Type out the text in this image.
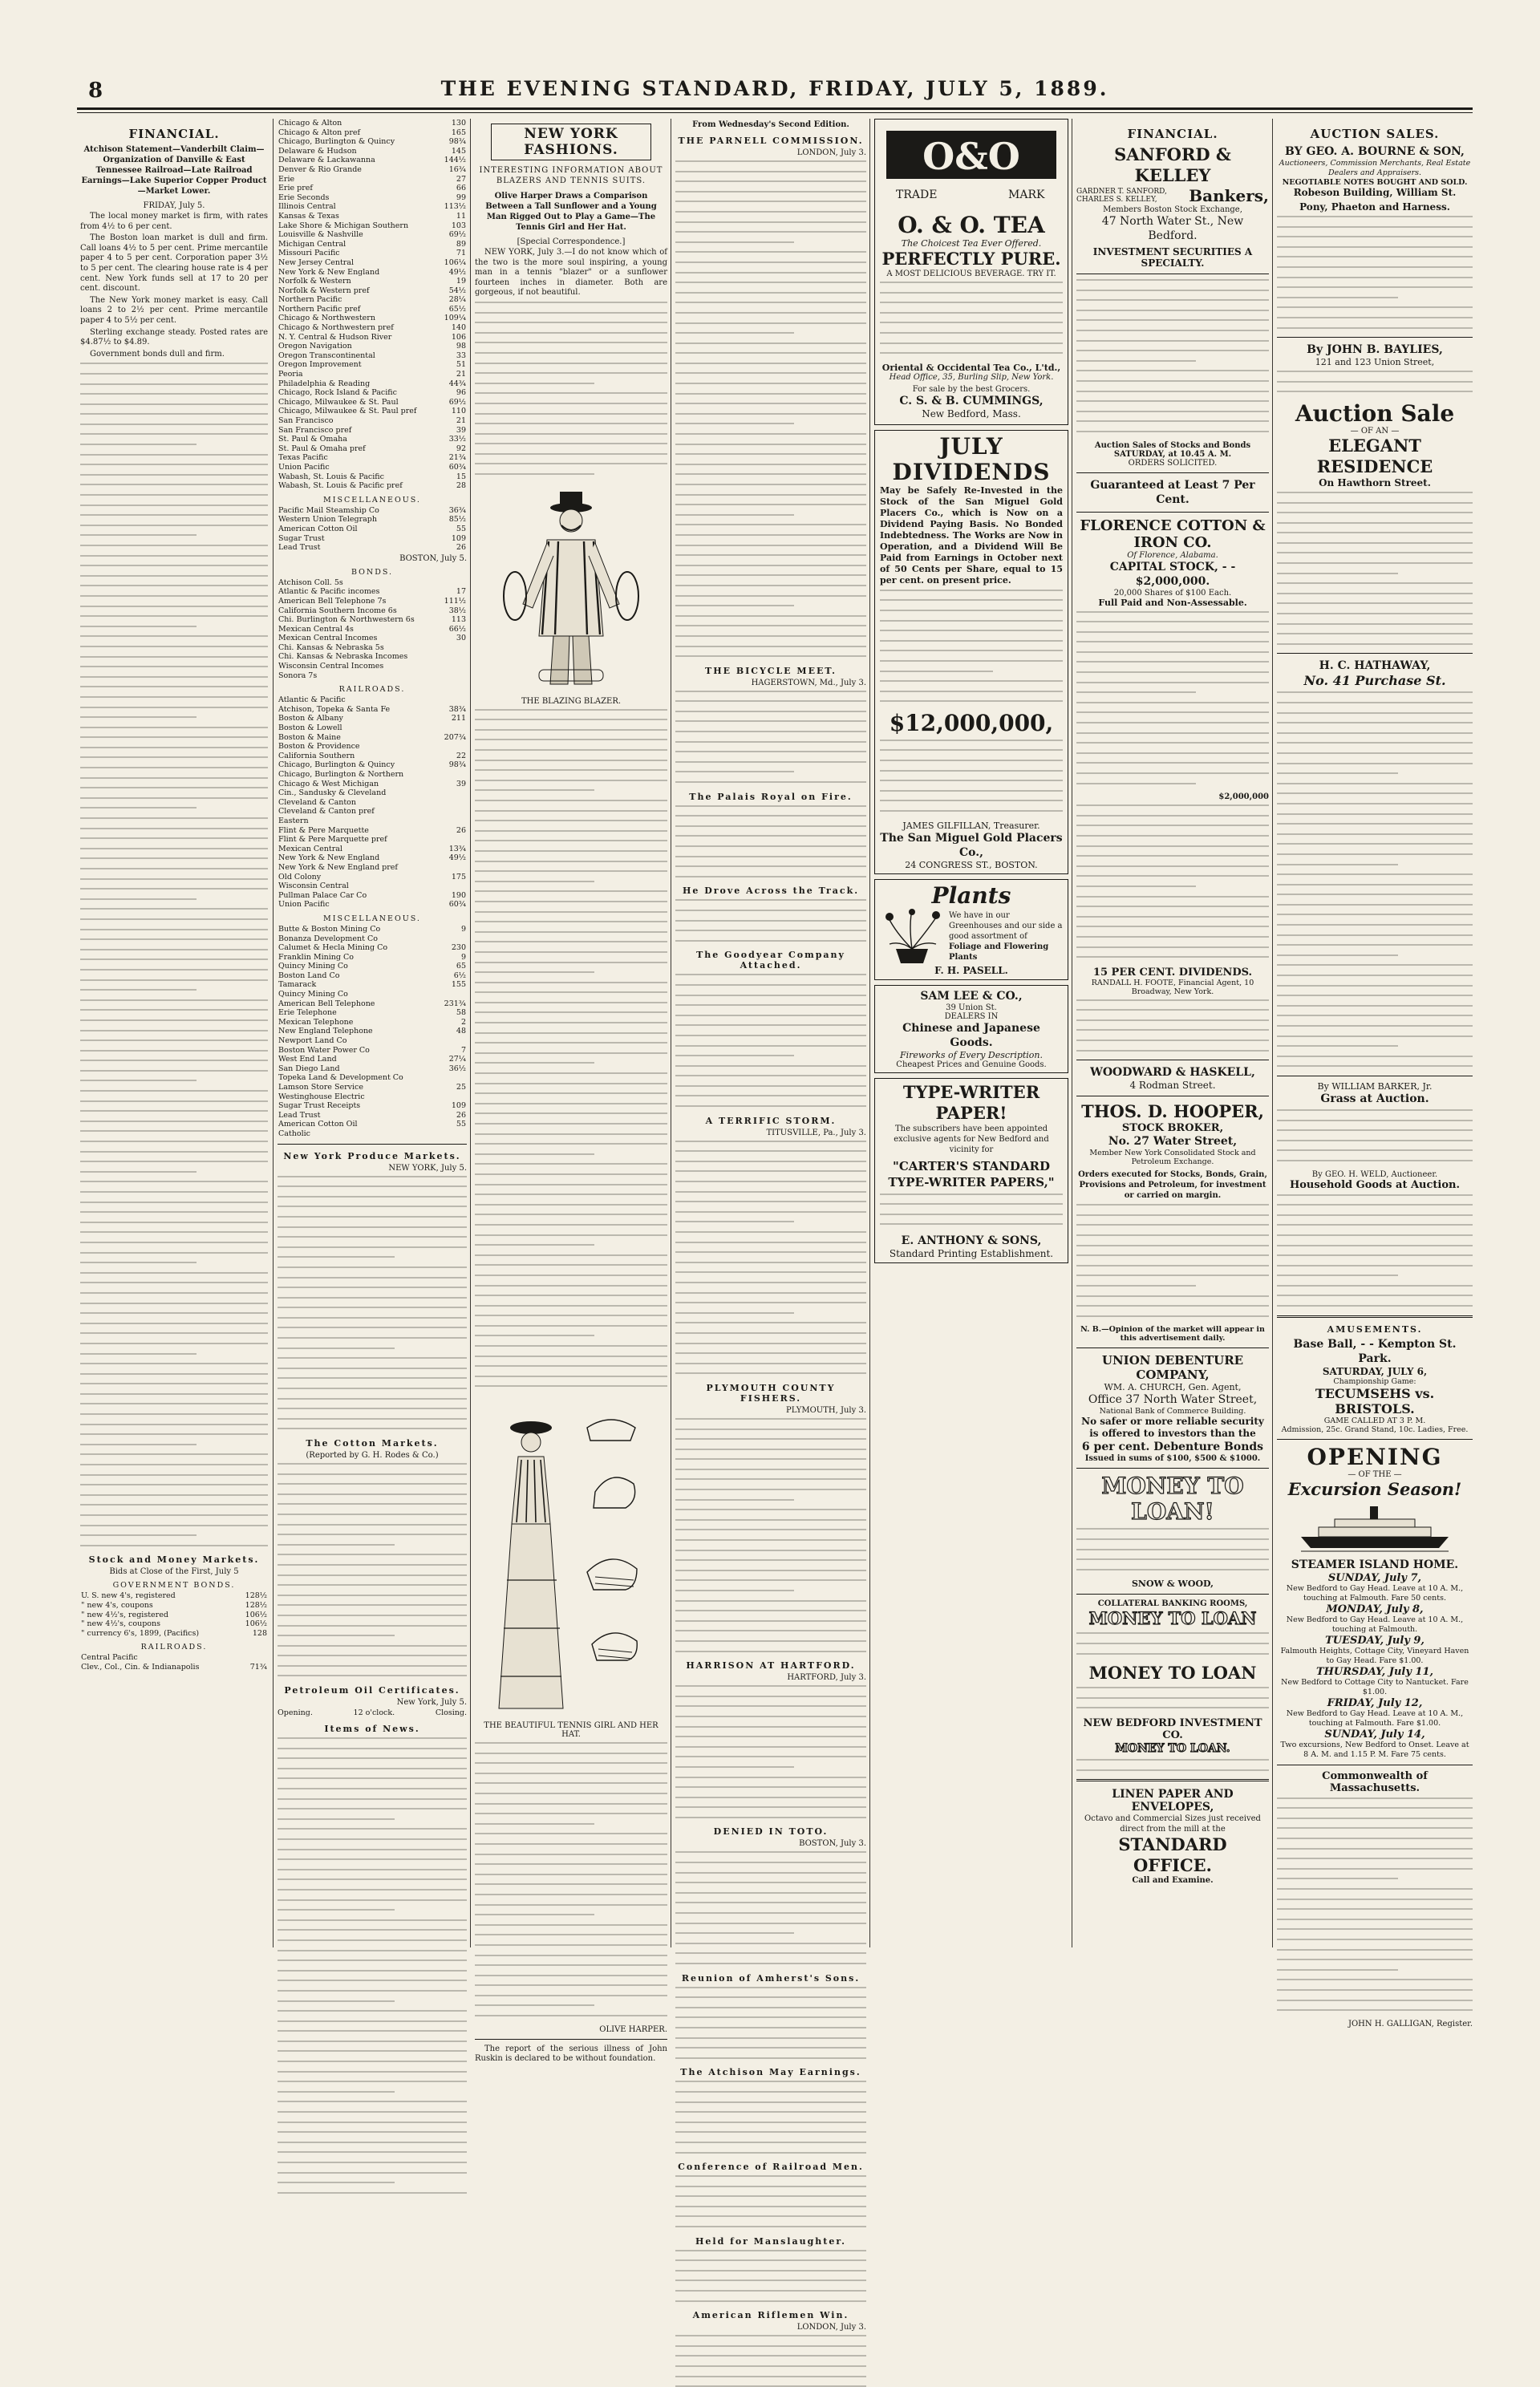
8	THE EVENING STANDARD, FRIDAY, JULY 5, 1889.
FINANCIAL.
Atchison Statement—Vanderbilt Claim—Organization of Danville & East Tennessee Railroad—Late Railroad Earnings—Lake Superior Copper Product—Market Lower.
FRIDAY, July 5.

The local money market is firm, with rates from 4½ to 6 per cent.

The Boston loan market is dull and firm. Call loans 4½ to 5 per cent. Prime mercantile paper 4 to 5 per cent. Corporation paper 3½ to 5 per cent. The clearing house rate is 4 per cent. New York funds sell at 17 to 20 per cent. discount.

The New York money market is easy. Call loans 2 to 2½ per cent. Prime mercantile paper 4 to 5½ per cent.

Sterling exchange steady. Posted rates are $4.87½ to $4.89.

Government bonds dull and firm.

Stock and Money Markets.
Bids at Close of the First, July 5
GOVERNMENT BONDS.
U. S. new 4's, registered	128½
" new 4's, coupons	128½
" new 4½'s, registered	106½
" new 4½'s, coupons	106½
" currency 6's, 1899, (Pacifics)	128
RAILROADS.
Central Pacific	
Clev., Col., Cin. & Indianapolis	71¾
Chicago & Alton	130
Chicago & Alton pref	165
Chicago, Burlington & Quincy	98¾
Delaware & Hudson	145
Delaware & Lackawanna	144½
Denver & Rio Grande	16¾
Erie	27
Erie pref	66
Erie Seconds	99
Illinois Central	113½
Kansas & Texas	11
Lake Shore & Michigan Southern	103
Louisville & Nashville	69½
Michigan Central	89
Missouri Pacific	71
New Jersey Central	106¼
New York & New England	49½
Norfolk & Western	19
Norfolk & Western pref	54½
Northern Pacific	28¼
Northern Pacific pref	65½
Chicago & Northwestern	109¼
Chicago & Northwestern pref	140
N. Y. Central & Hudson River	106
Oregon Navigation	98
Oregon Transcontinental	33
Oregon Improvement	51
Peoria	21
Philadelphia & Reading	44¾
Chicago, Rock Island & Pacific	96
Chicago, Milwaukee & St. Paul	69½
Chicago, Milwaukee & St. Paul pref	110
San Francisco	21
San Francisco pref	39
St. Paul & Omaha	33½
St. Paul & Omaha pref	92
Texas Pacific	21¾
Union Pacific	60¾
Wabash, St. Louis & Pacific	15
Wabash, St. Louis & Pacific pref	28
MISCELLANEOUS.
Pacific Mail Steamship Co	36¾
Western Union Telegraph	85½
American Cotton Oil	55
Sugar Trust	109
Lead Trust	26
BOSTON, July 5.
BONDS.
Atchison Coll. 5s	
Atlantic & Pacific incomes	17
American Bell Telephone 7s	111½
California Southern Income 6s	38½
Chi. Burlington & Northwestern 6s	113
Mexican Central 4s	66½
Mexican Central Incomes	30
Chi. Kansas & Nebraska 5s	
Chi. Kansas & Nebraska Incomes	
Wisconsin Central Incomes	
Sonora 7s	
RAILROADS.
Atlantic & Pacific	
Atchison, Topeka & Santa Fe	38¾
Boston & Albany	211
Boston & Lowell	
Boston & Maine	207¾
Boston & Providence	
California Southern	22
Chicago, Burlington & Quincy	98¾
Chicago, Burlington & Northern	
Chicago & West Michigan	39
Cin., Sandusky & Cleveland	
Cleveland & Canton	
Cleveland & Canton pref	
Eastern	
Flint & Pere Marquette	26
Flint & Pere Marquette pref	
Mexican Central	13¾
New York & New England	49½
New York & New England pref	
Old Colony	175
Wisconsin Central	
Pullman Palace Car Co	190
Union Pacific	60¾
MISCELLANEOUS.
Butte & Boston Mining Co	9
Bonanza Development Co	
Calumet & Hecla Mining Co	230
Franklin Mining Co	9
Quincy Mining Co	65
Boston Land Co	6½
Tamarack	155
Quincy Mining Co	
American Bell Telephone	231¾
Erie Telephone	58
Mexican Telephone	2
New England Telephone	48
Newport Land Co	
Boston Water Power Co	7
West End Land	27¼
San Diego Land	36½
Topeka Land & Development Co	
Lamson Store Service	25
Westinghouse Electric	
Sugar Trust Receipts	109
Lead Trust	26
American Cotton Oil	55
Catholic	
New York Produce Markets.
NEW YORK, July 5.
The Cotton Markets.
(Reported by G. H. Rodes & Co.)
Petroleum Oil Certificates.
New York, July 5.
Opening.	12 o'clock.	Closing.
Items of News.
NEW YORK FASHIONS.
INTERESTING INFORMATION ABOUT BLAZERS AND TENNIS SUITS.
Olive Harper Draws a Comparison Between a Tall Sunflower and a Young Man Rigged Out to Play a Game—The Tennis Girl and Her Hat.
[Special Correspondence.]

NEW YORK, July 3.—I do not know which of the two is the more soul inspiring, a young man in a tennis "blazer" or a sunflower fourteen inches in diameter. Both are gorgeous, if not beautiful.

THE BLAZING BLAZER.
THE BEAUTIFUL TENNIS GIRL AND HER HAT.
OLIVE HARPER.

The report of the serious illness of John Ruskin is declared to be without foundation.

From Wednesday's Second Edition.
THE PARNELL COMMISSION.
LONDON, July 3.
THE BICYCLE MEET.
HAGERSTOWN, Md., July 3.
The Palais Royal on Fire.
He Drove Across the Track.
The Goodyear Company Attached.
A TERRIFIC STORM.
TITUSVILLE, Pa., July 3.
PLYMOUTH COUNTY FISHERS.
PLYMOUTH, July 3.
HARRISON AT HARTFORD.
HARTFORD, July 3.
DENIED IN TOTO.
BOSTON, July 3.
Reunion of Amherst's Sons.
The Atchison May Earnings.
Conference of Railroad Men.
Held for Manslaughter.
American Riflemen Win.
LONDON, July 3.
O&O
TRADE	MARK
O. & O. TEA
The Choicest Tea Ever Offered.
PERFECTLY PURE.
A MOST DELICIOUS BEVERAGE. TRY IT.
Oriental & Occidental Tea Co., L'td.,
Head Office, 35, Burling Slip, New York.
For sale by the best Grocers.
C. S. & B. CUMMINGS,
New Bedford, Mass.
JULY DIVIDENDS

May be Safely Re-Invested in the Stock of the San Miguel Gold Placers Co., which is Now on a Dividend Paying Basis. No Bonded Indebtedness. The Works are Now in Operation, and a Dividend Will Be Paid from Earnings in October next of 50 Cents per Share, equal to 15 per cent. on present price.

$12,000,000,
JAMES GILFILLAN, Treasurer.
The San Miguel Gold Placers Co.,
24 CONGRESS ST., BOSTON.
Plants
We have in our Greenhouses and our side a good assortment of
Foliage and Flowering Plants
F. H. PASELL.
SAM LEE & CO.,
39 Union St.
DEALERS IN
Chinese and Japanese Goods.
Fireworks of Every Description.
Cheapest Prices and Genuine Goods.
TYPE-WRITER PAPER!
The subscribers have been appointed exclusive agents for New Bedford and vicinity for
"CARTER'S STANDARD TYPE-WRITER PAPERS,"
E. ANTHONY & SONS,
Standard Printing Establishment.
FINANCIAL.
SANFORD & KELLEY
GARDNER T. SANFORD, CHARLES S. KELLEY,	Bankers,
Members Boston Stock Exchange,
47 North Water St., New Bedford.
INVESTMENT SECURITIES A SPECIALTY.
Auction Sales of Stocks and Bonds SATURDAY, at 10.45 A. M.
ORDERS SOLICITED.
Guaranteed at Least 7 Per Cent.
FLORENCE COTTON & IRON CO.
Of Florence, Alabama.
CAPITAL STOCK, - - $2,000,000.
20,000 Shares of $100 Each.
Full Paid and Non-Assessable.
$2,000,000
15 PER CENT. DIVIDENDS.
RANDALL H. FOOTE, Financial Agent, 10 Broadway, New York.
WOODWARD & HASKELL,
4 Rodman Street.
THOS. D. HOOPER,
STOCK BROKER,
No. 27 Water Street,
Member New York Consolidated Stock and Petroleum Exchange.
Orders executed for Stocks, Bonds, Grain, Provisions and Petroleum, for investment or carried on margin.
N. B.—Opinion of the market will appear in this advertisement daily.
UNION DEBENTURE COMPANY,
WM. A. CHURCH, Gen. Agent,
Office 37 North Water Street,
National Bank of Commerce Building.
No safer or more reliable security is offered to investors than the
6 per cent. Debenture Bonds
Issued in sums of $100, $500 & $1000.
MONEY TO LOAN!
SNOW & WOOD,
COLLATERAL BANKING ROOMS,
MONEY TO LOAN
MONEY TO LOAN
NEW BEDFORD INVESTMENT CO.
MONEY TO LOAN.
LINEN PAPER AND ENVELOPES,
Octavo and Commercial Sizes just received direct from the mill at the
STANDARD OFFICE.
Call and Examine.
AUCTION SALES.
BY GEO. A. BOURNE & SON,
Auctioneers, Commission Merchants, Real Estate Dealers and Appraisers.
NEGOTIABLE NOTES BOUGHT AND SOLD.
Robeson Building, William St.
Pony, Phaeton and Harness.
By JOHN B. BAYLIES,
121 and 123 Union Street,
Auction Sale
— OF AN —
ELEGANT RESIDENCE
On Hawthorn Street.
H. C. HATHAWAY,
No. 41 Purchase St.
By WILLIAM BARKER, Jr.
Grass at Auction.
By GEO. H. WELD, Auctioneer.
Household Goods at Auction.
AMUSEMENTS.
Base Ball, - - Kempton St. Park.
SATURDAY, JULY 6,
Championship Game:
TECUMSEHS vs. BRISTOLS.
GAME CALLED AT 3 P. M.
Admission, 25c. Grand Stand, 10c. Ladies, Free.
OPENING
— OF THE —
Excursion Season!
STEAMER ISLAND HOME.
SUNDAY, July 7,
New Bedford to Gay Head. Leave at 10 A. M., touching at Falmouth. Fare 50 cents.
MONDAY, July 8,
New Bedford to Gay Head. Leave at 10 A. M., touching at Falmouth.
TUESDAY, July 9,
Falmouth Heights, Cottage City, Vineyard Haven to Gay Head. Fare $1.00.
THURSDAY, July 11,
New Bedford to Cottage City to Nantucket. Fare $1.00.
FRIDAY, July 12,
New Bedford to Gay Head. Leave at 10 A. M., touching at Falmouth. Fare $1.00.
SUNDAY, July 14,
Two excursions, New Bedford to Onset. Leave at 8 A. M. and 1.15 P. M. Fare 75 cents.
Commonwealth of Massachusetts.
JOHN H. GALLIGAN, Register.
